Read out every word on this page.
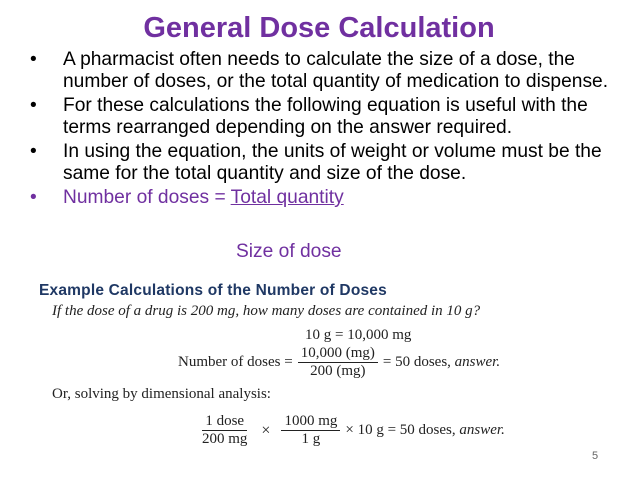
General Dose Calculation
• A pharmacist often needs to calculate the size of a dose, the number of doses, or the total quantity of medication to dispense.
• For these calculations the following equation is useful with the terms rearranged depending on the answer required.
• In using the equation, the units of weight or volume must be the same for the total quantity and size of the dose.
• Number of doses = Total quantity
Size of dose
Example Calculations of the Number of Doses
If the dose of a drug is 200 mg, how many doses are contained in 10 g?
10 g = 10,000 mg
Number of doses = $\frac{10,000 (mg)}{200 (mg)} = 50$ doses,
answer.
Or, solving by dimensional analysis:
$\frac{\text{1 dose}}{200 mg} \times \frac{1000 mg}{1 g} \times 10$ g = 50 doses,
answer.
5
